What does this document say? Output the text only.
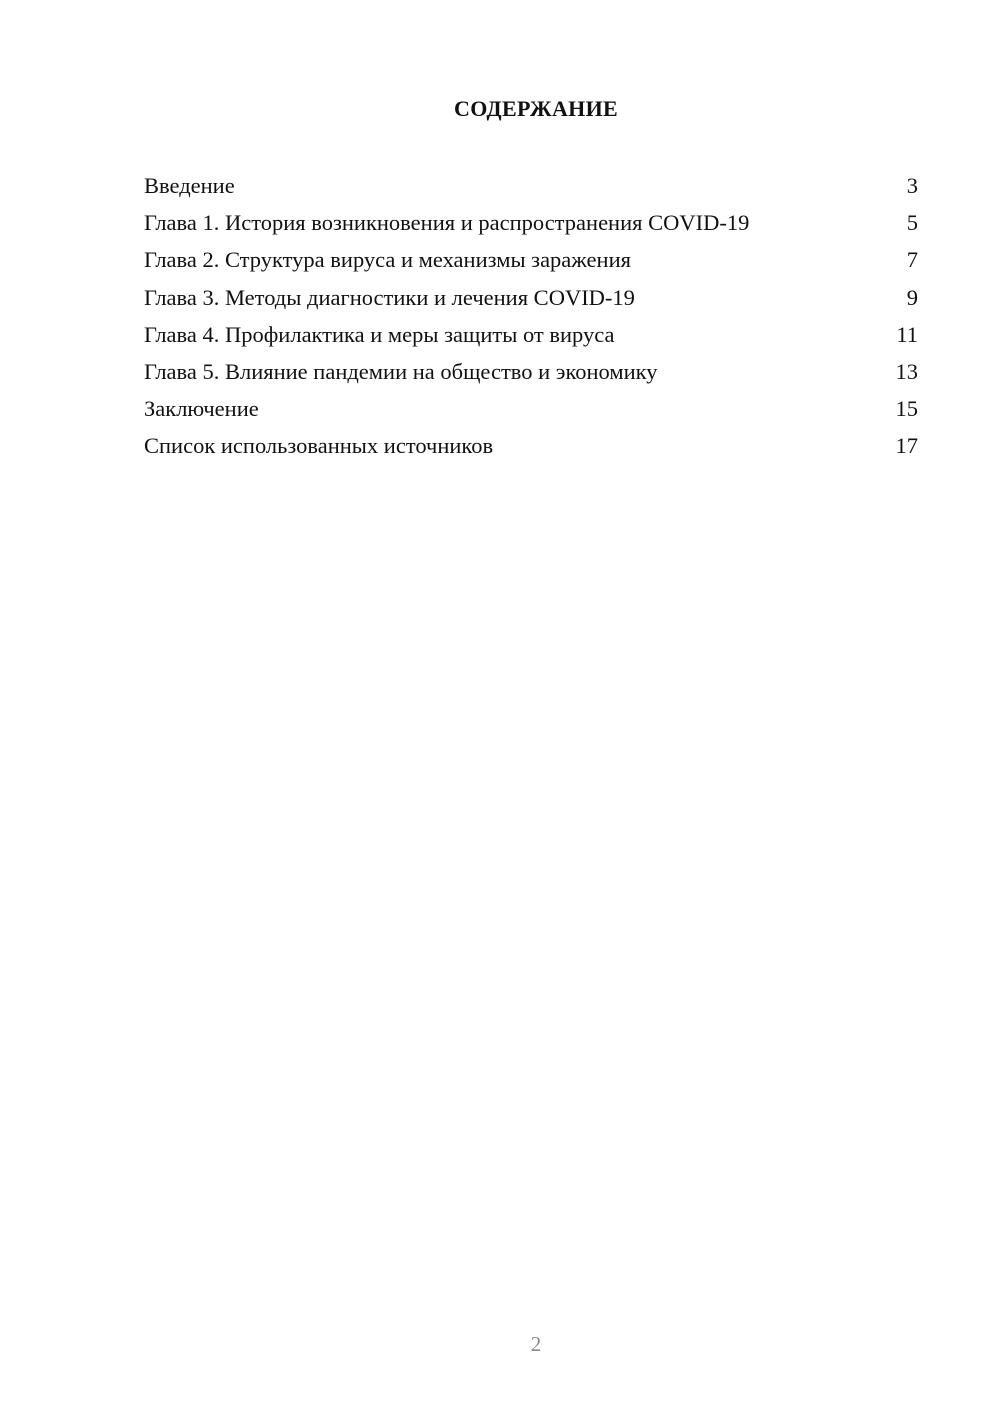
СОДЕРЖАНИЕ
Введение	3
Глава 1. История возникновения и распространения COVID-19	5
Глава 2. Структура вируса и механизмы заражения	7
Глава 3. Методы диагностики и лечения COVID-19	9
Глава 4. Профилактика и меры защиты от вируса	11
Глава 5. Влияние пандемии на общество и экономику	13
Заключение	15
Список использованных источников	17
2
